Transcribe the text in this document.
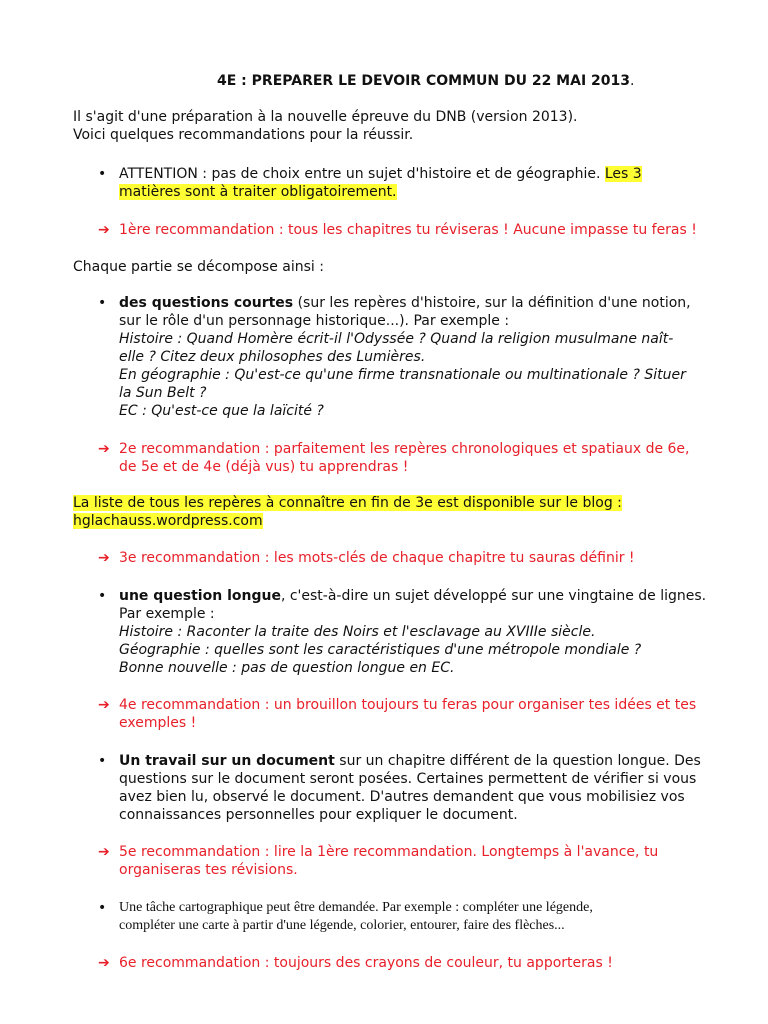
4E : PREPARER LE DEVOIR COMMUN DU 22 MAI 2013.
Il s'agit d'une préparation à la nouvelle épreuve du DNB (version 2013).
Voici quelques recommandations pour la réussir.
• ATTENTION : pas de choix entre un sujet d'histoire et de géographie. Les 3
matières sont à traiter obligatoirement.
➔ 1ère recommandation : tous les chapitres tu réviseras ! Aucune impasse tu feras !
Chaque partie se décompose ainsi :
• des questions courtes (sur les repères d'histoire, sur la définition d'une notion,
sur le rôle d'un personnage historique...). Par exemple :
Histoire : Quand Homère écrit-il l'Odyssée ? Quand la religion musulmane naît-
elle ? Citez deux philosophes des Lumières.
En géographie : Qu'est-ce qu'une firme transnationale ou multinationale ? Situer
la Sun Belt ?
EC : Qu'est-ce que la laïcité ?
➔ 2e recommandation : parfaitement les repères chronologiques et spatiaux de 6e,
de 5e et de 4e (déjà vus) tu apprendras !
La liste de tous les repères à connaître en fin de 3e est disponible sur le blog :
hglachauss.wordpress.com
➔ 3e recommandation : les mots-clés de chaque chapitre tu sauras définir !
• une question longue, c'est-à-dire un sujet développé sur une vingtaine de lignes.
Par exemple :
Histoire : Raconter la traite des Noirs et l'esclavage au XVIIIe siècle.
Géographie : quelles sont les caractéristiques d'une métropole mondiale ?
Bonne nouvelle : pas de question longue en EC.
➔ 4e recommandation : un brouillon toujours tu feras pour organiser tes idées et tes
exemples !
• Un travail sur un document sur un chapitre différent de la question longue. Des
questions sur le document seront posées. Certaines permettent de vérifier si vous
avez bien lu, observé le document. D'autres demandent que vous mobilisiez vos
connaissances personnelles pour expliquer le document.
➔ 5e recommandation : lire la 1ère recommandation. Longtemps à l'avance, tu
organiseras tes révisions.
• Une tâche cartographique peut être demandée. Par exemple : compléter une légende,
compléter une carte à partir d'une légende, colorier, entourer, faire des flèches...
➔ 6e recommandation : toujours des crayons de couleur, tu apporteras !
